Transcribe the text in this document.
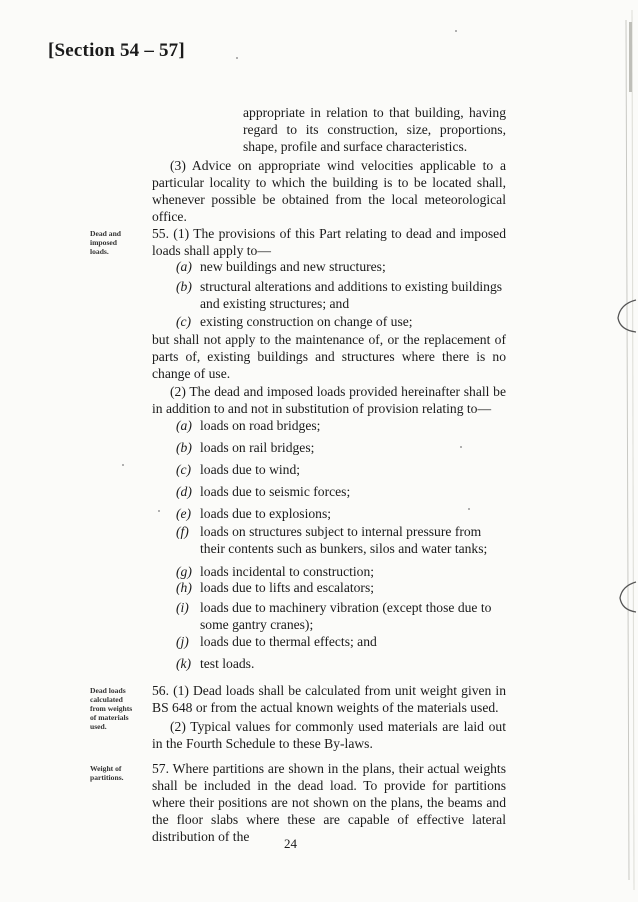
[Section 54 – 57]
appropriate in relation to that building, having regard to its construction, size, proportions, shape, profile and surface characteristics.
(3) Advice on appropriate wind velocities applicable to a particular locality to which the building is to be located shall, whenever possible be obtained from the local meteorological office.
Dead and imposed loads.
55. (1) The provisions of this Part relating to dead and imposed loads shall apply to—
(a) new buildings and new structures;
(b) structural alterations and additions to existing buildings
and existing structures; and
(c) existing construction on change of use;
but shall not apply to the maintenance of, or the replacement of parts of, existing buildings and structures where there is no change of use.
(2) The dead and imposed loads provided hereinafter shall be in addition to and not in substitution of provision relating to—
(a) loads on road bridges;
(b) loads on rail bridges;
(c) loads due to wind;
(d) loads due to seismic forces;
(e) loads due to explosions;
(f) loads on structures subject to internal pressure from
their contents such as bunkers, silos and water tanks;
(g) loads incidental to construction;
(h) loads due to lifts and escalators;
(i) loads due to machinery vibration (except those due to
some gantry cranes);
(j) loads due to thermal effects; and
(k) test loads.
Dead loads calculated from weights of materials used.
56. (1) Dead loads shall be calculated from unit weight given in BS 648 or from the actual known weights of the materials used.
(2) Typical values for commonly used materials are laid out in the Fourth Schedule to these By-laws.
Weight of partitions.
57. Where partitions are shown in the plans, their actual weights shall be included in the dead load. To provide for partitions where their positions are not shown on the plans, the beams and the floor slabs where these are capable of effective lateral distribution of the	24
